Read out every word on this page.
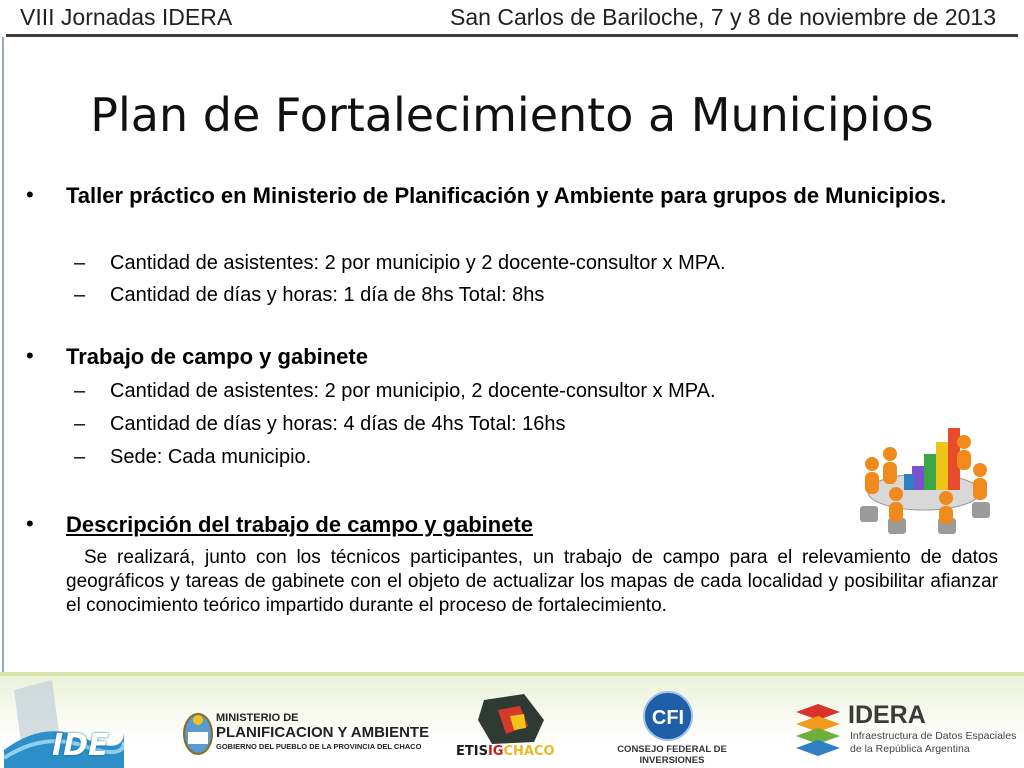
VIII Jornadas IDERA	San Carlos de Bariloche, 7 y 8 de noviembre de 2013
Plan de Fortalecimiento a Municipios
• Taller práctico en Ministerio de Planificación y Ambiente para grupos de Municipios.
– Cantidad de asistentes: 2 por municipio y 2 docente-consultor x MPA.
– Cantidad de días y horas: 1 día de 8hs Total: 8hs
• Trabajo de campo y gabinete
– Cantidad de asistentes: 2 por municipio, 2 docente-consultor x MPA.
– Cantidad de días y horas: 4 días de 4hs Total: 16hs
– Sede: Cada municipio.
• Descripción del trabajo de campo y gabinete
Se realizará, junto con los técnicos participantes, un trabajo de campo para el relevamiento de datos geográficos y tareas de gabinete con el objeto de actualizar los mapas de cada localidad y posibilitar afianzar el conocimiento teórico impartido durante el proceso de fortalecimiento.
IDE
MINISTERIO DE
PLANIFICACION Y AMBIENTE
GOBIERNO DEL PUEBLO DE LA PROVINCIA DEL CHACO	ETISIGCHACO
CFI
CONSEJO FEDERAL DE INVERSIONES
IDERA
Infraestructura de Datos Espaciales
de la República Argentina
